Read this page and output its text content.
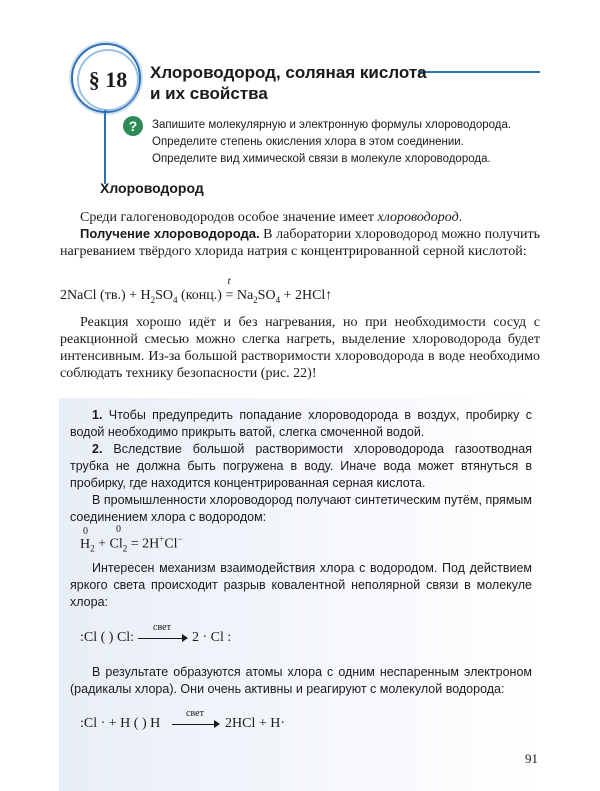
§ 18	Хлороводород, соляная кислота
и их свойства
?	Запишите молекулярную и электронную формулы хлороводорода.
Определите степень окисления хлора в этом соединении.
Определите вид химической связи в молекуле хлороводорода.
Хлороводород
Среди галогеноводородов особое значение имеет хлороводород.
Получение хлороводорода. В лаборатории хлороводород можно получить нагреванием твёрдого хлорида натрия с концентрированной серной кислотой:
2NaCl $(тв.) + H_2SO_4$ (конц.)
t
= $Na_2SO_4$ + 2HCl↑
Реакция хорошо идёт и без нагревания, но при необходимости сосуд с реакционной смесью можно слегка нагреть, выделение хлороводорода будет интенсивным. Из-за большой растворимости хлороводорода в воде необходимо соблюдать технику безопасности (рис. 22)!
1. Чтобы предупредить попадание хлороводорода в воздух, пробирку с водой необходимо прикрыть ватой, слегка смоченной водой.
2. Вследствие большой растворимости хлороводорода газоотводная трубка не должна быть погружена в воду. Иначе вода может втянуться в пробирку, где находится концентрированная серная кислота.
В промышленности хлороводород получают синтетическим путём, прямым соединением хлора с водородом:
0
$H_2 + Cl_2 = 2H^+Cl^-$
0
Интересен механизм взаимодействия хлора с водородом. Под действием яркого света происходит разрыв ковалентной неполярной связи в молекуле хлора:
:Cl ( ) Cl:
свет
2 · Cl :
В результате образуются атомы хлора с одним неспаренным электроном (радикалы хлора). Они очень активны и реагируют с молекулой водорода:
:Cl · + H ( ) H
свет
2HCl + H·
91
